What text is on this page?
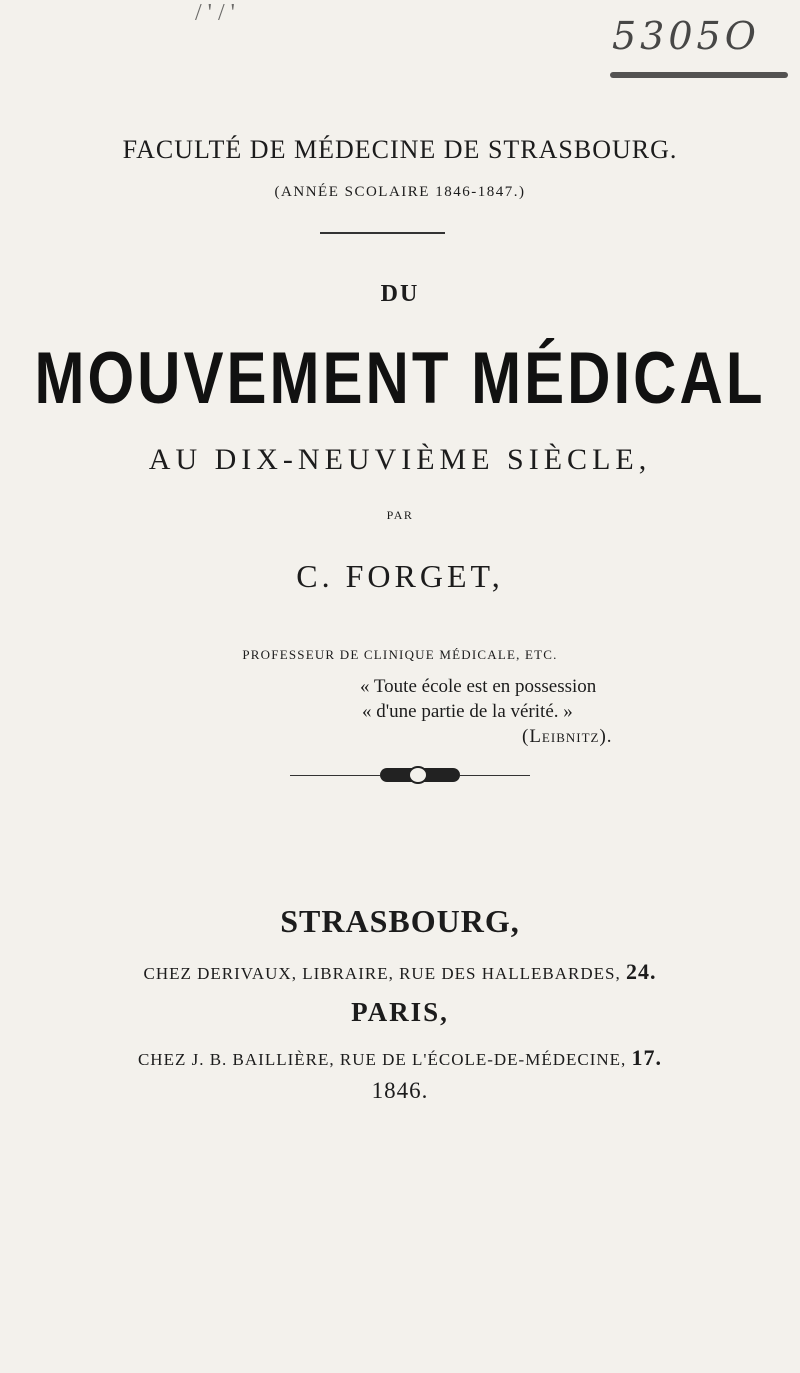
/ ' / '
5305O
FACULTÉ DE MÉDECINE DE STRASBOURG.
(ANNÉE SCOLAIRE 1846-1847.)
DU
MOUVEMENT MÉDICAL
AU DIX-NEUVIÈME SIÈCLE,
PAR
C. FORGET,
PROFESSEUR DE CLINIQUE MÉDICALE, ETC.
« Toute école est en possession
« d'une partie de la vérité. »
(Leibnitz).
STRASBOURG,
CHEZ DERIVAUX, LIBRAIRE, RUE DES HALLEBARDES, 24.
PARIS,
CHEZ J. B. BAILLIÈRE, RUE DE L'ÉCOLE-DE-MÉDECINE, 17.
1846.
